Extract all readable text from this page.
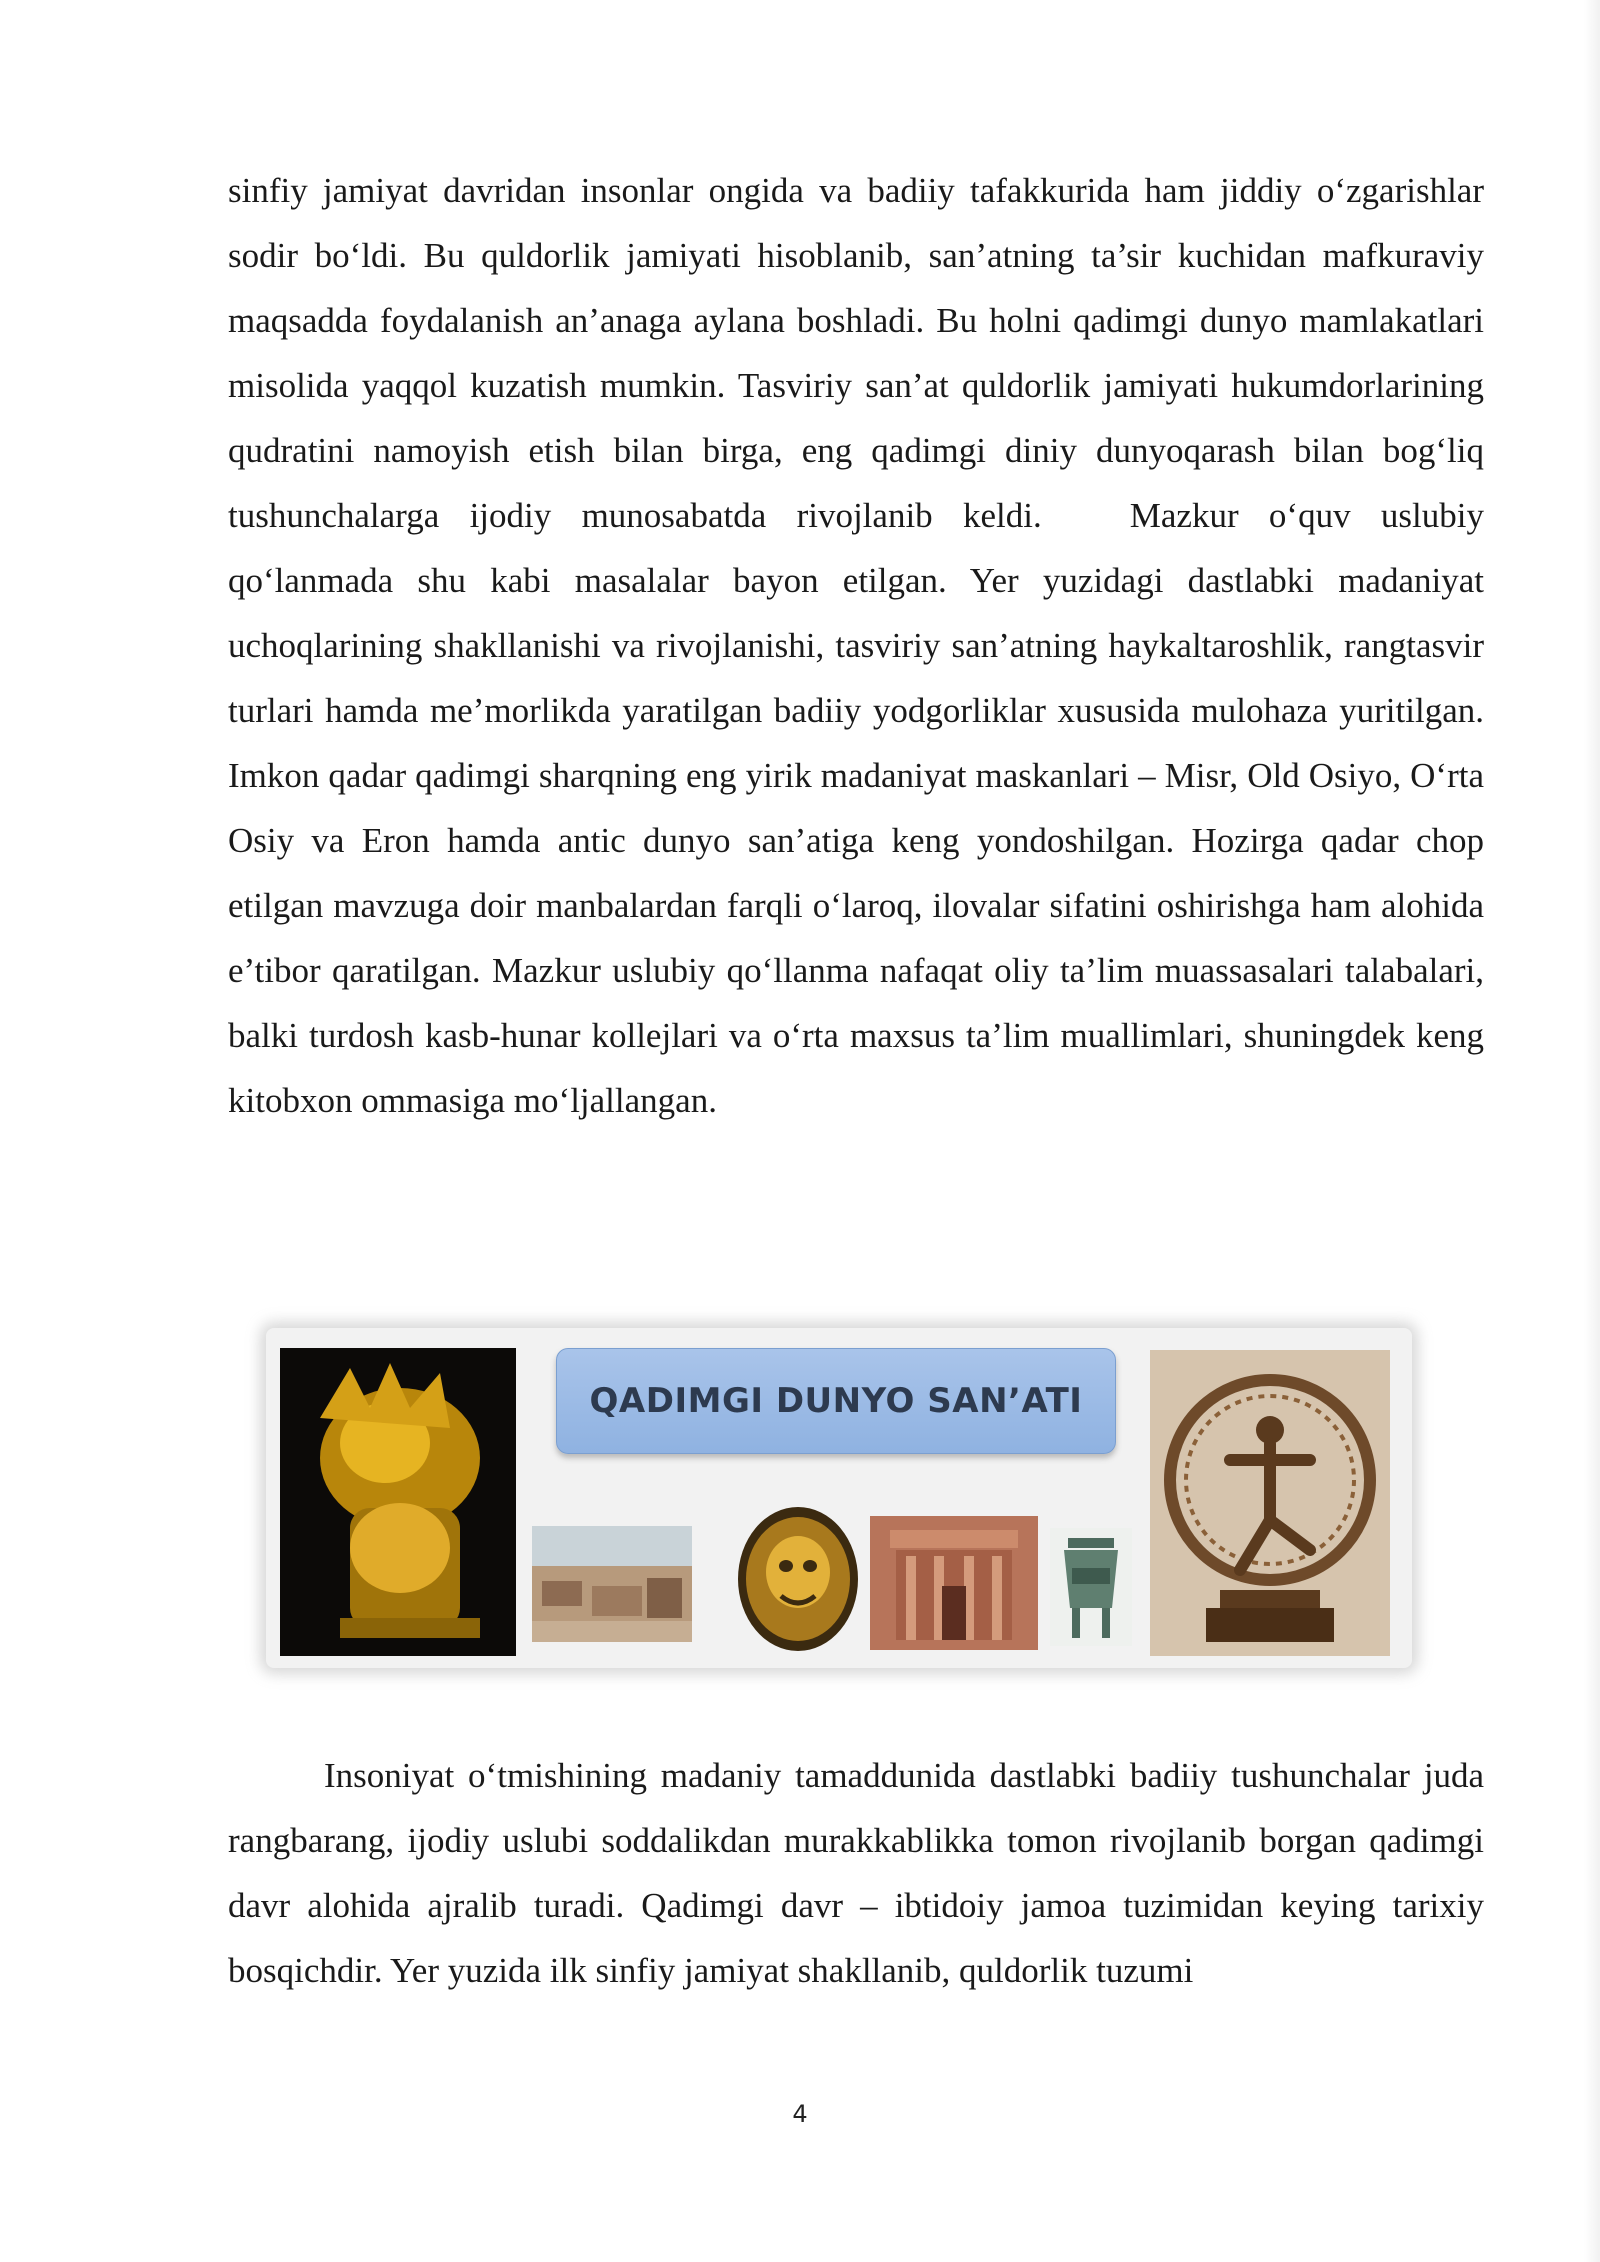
sinfiy jamiyat davridan insonlar ongida va badiiy tafakkurida ham jiddiy o‘zgarishlar sodir bo‘ldi. Bu quldorlik jamiyati hisoblanib, san’atning ta’sir kuchidan mafkuraviy maqsadda foydalanish an’anaga aylana boshladi. Bu holni qadimgi dunyo mamlakatlari misolida yaqqol kuzatish mumkin. Tasviriy san’at quldorlik jamiyati hukumdorlarining qudratini namoyish etish bilan birga, eng qadimgi diniy dunyoqarash bilan bog‘liq tushunchalarga ijodiy munosabatda rivojlanib keldi.	Mazkur o‘quv uslubiy qo‘lanmada shu kabi masalalar bayon etilgan. Yer yuzidagi dastlabki madaniyat uchoqlarining shakllanishi va rivojlanishi, tasviriy san’atning haykaltaroshlik, rangtasvir turlari hamda me’morlikda yaratilgan badiiy yodgorliklar xususida mulohaza yuritilgan. Imkon qadar qadimgi sharqning eng yirik madaniyat maskanlari – Misr, Old Osiyo, O‘rta Osiy va Eron hamda antic dunyo san’atiga keng yondoshilgan. Hozirga qadar chop etilgan mavzuga doir manbalardan farqli o‘laroq, ilovalar sifatini oshirishga ham alohida e’tibor qaratilgan. Mazkur uslubiy qo‘llanma nafaqat oliy ta’lim muassasalari talabalari, balki turdosh kasb-hunar kollejlari va o‘rta maxsus ta’lim muallimlari, shuningdek keng kitobxon ommasiga mo‘ljallangan.

QADIMGI DUNYO SAN’ATI

Insoniyat o‘tmishining madaniy tamaddunida dastlabki badiiy tushunchalar juda rangbarang, ijodiy uslubi soddalikdan murakkablikka tomon rivojlanib borgan qadimgi davr alohida ajralib turadi. Qadimgi davr – ibtidoiy jamoa tuzimidan keying tarixiy bosqichdir. Yer yuzida ilk sinfiy jamiyat shakllanib, quldorlik tuzumi

4
